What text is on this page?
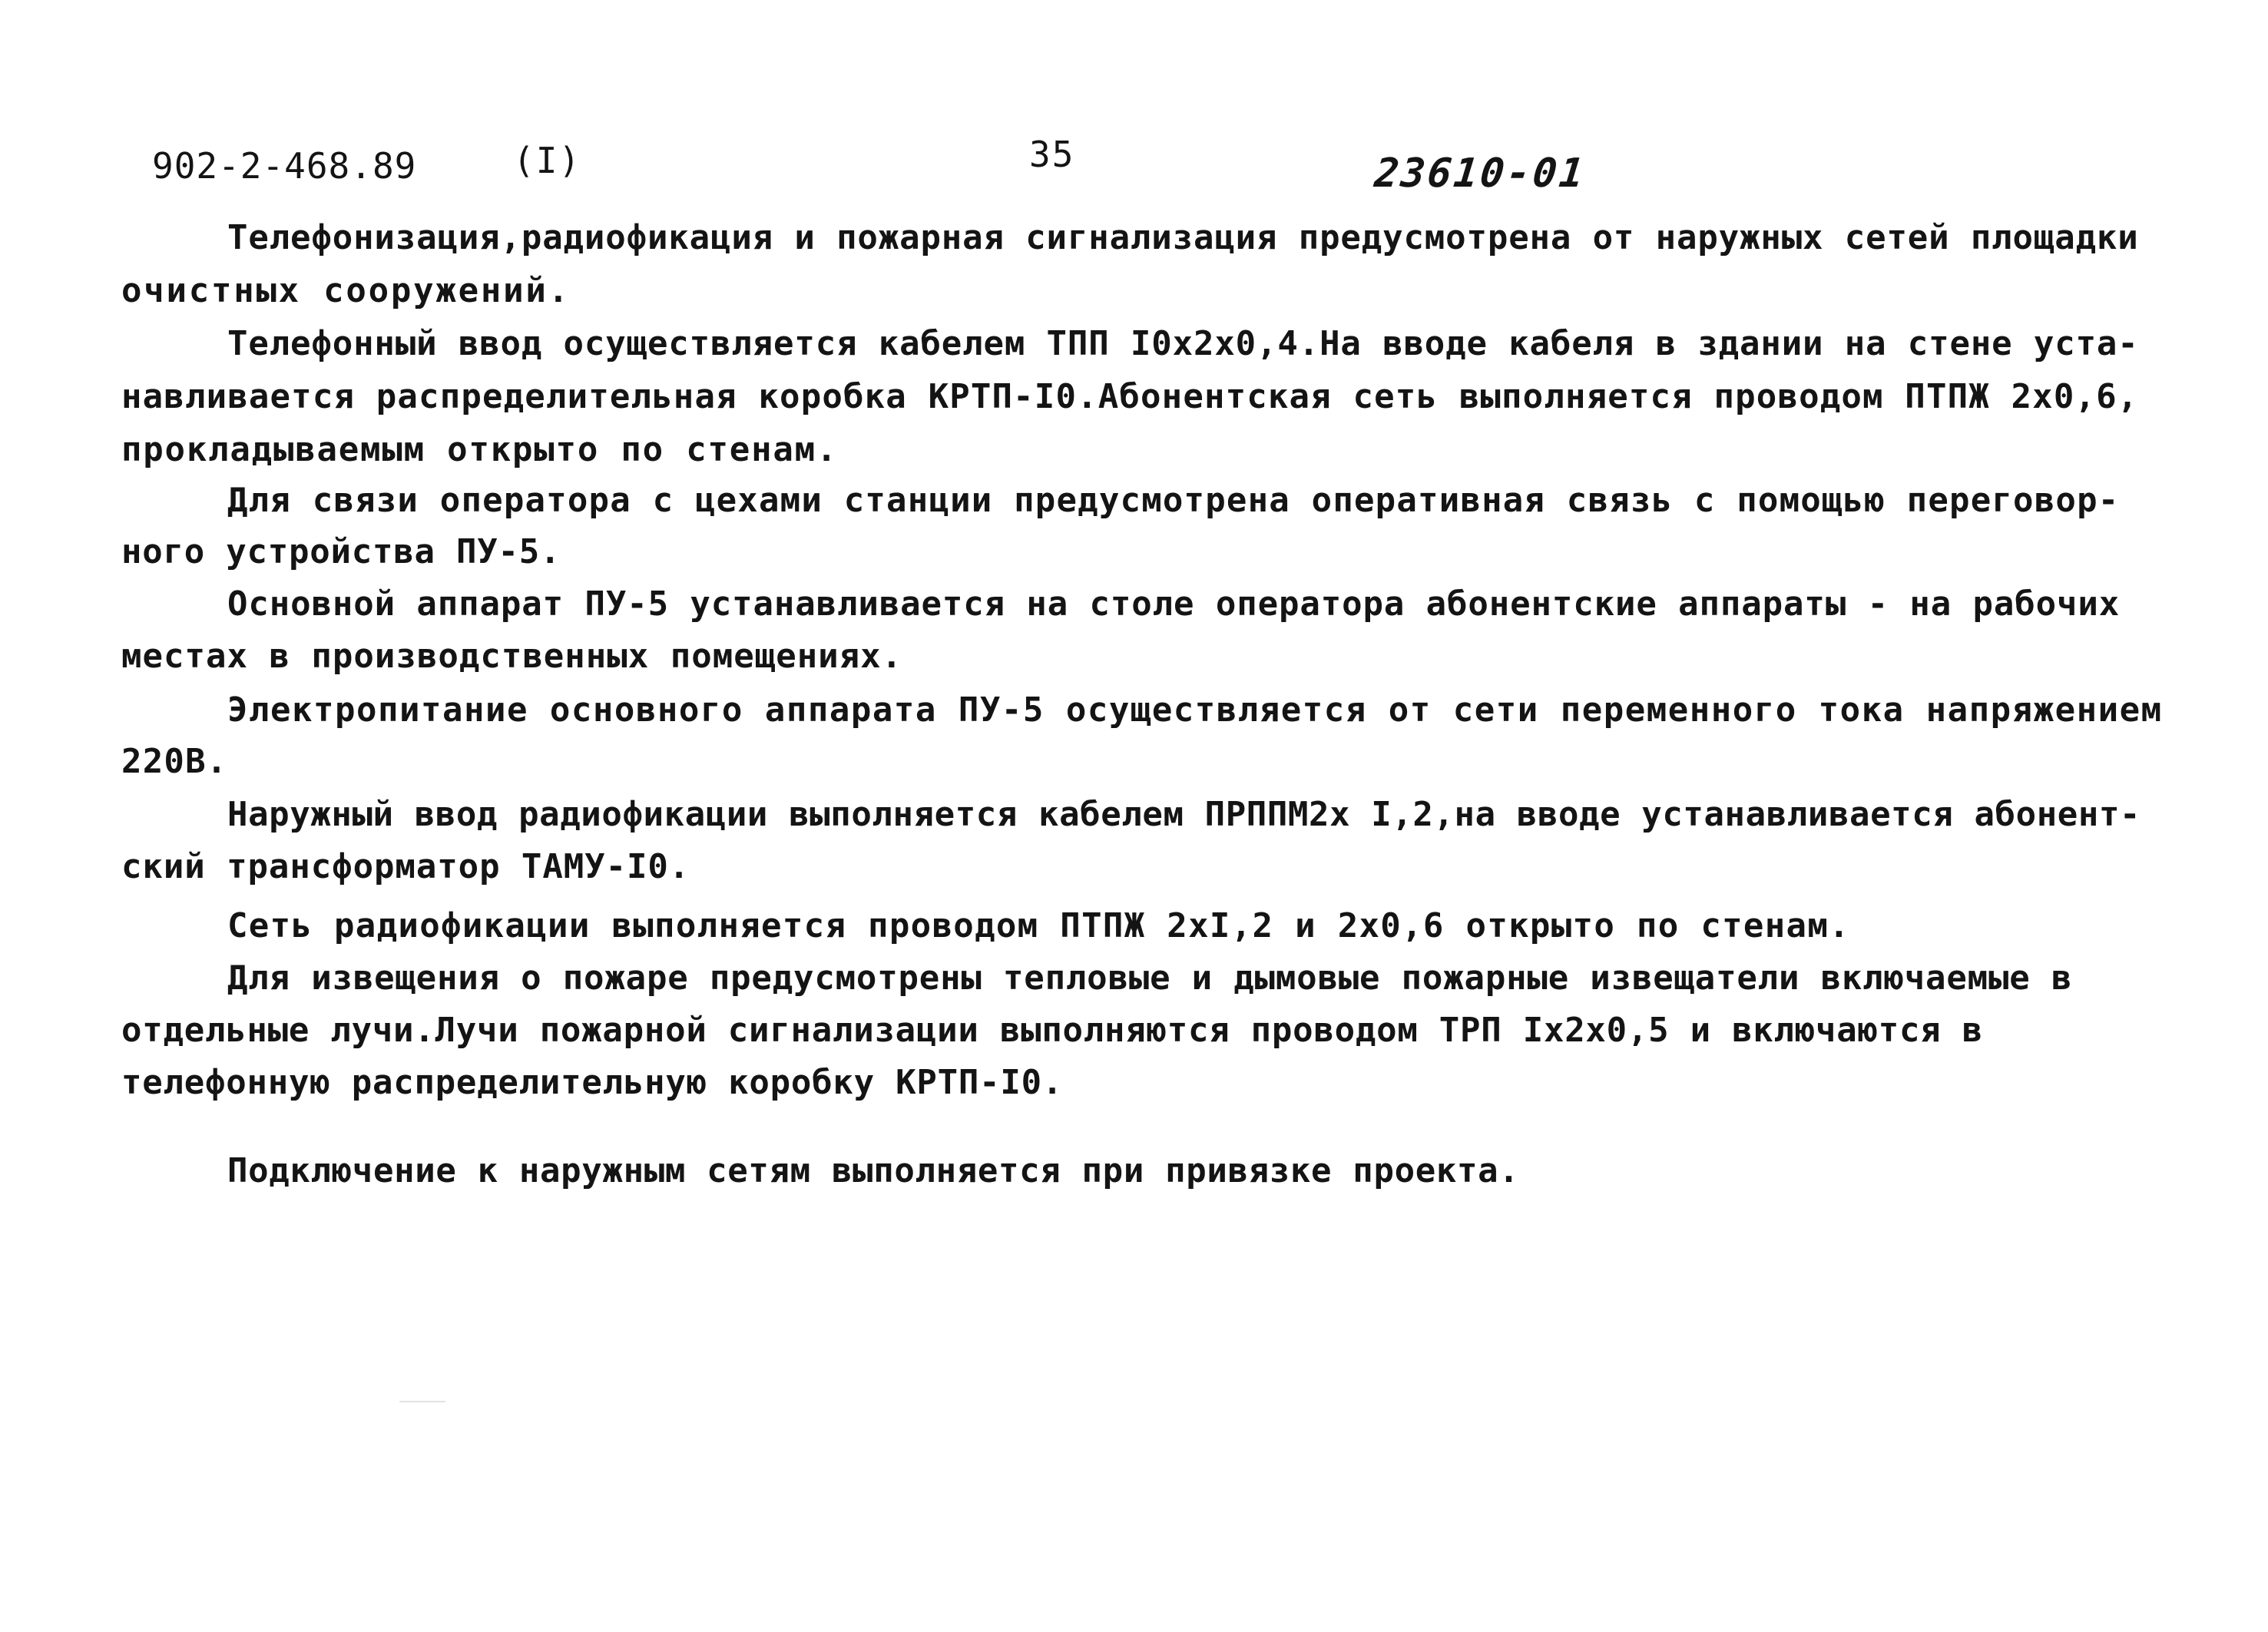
902-2-468.89	(I)	35	23610-01
Телефонизация,радиофикация и пожарная сигнализация предусмотрена от наружных сетей площадки
очистных сооружений.
Телефонный ввод осуществляется кабелем ТПП I0х2х0,4.На вводе кабеля в здании на стене уста-
навливается распределительная коробка КРТП-I0.Абонентская сеть выполняется проводом ПТПЖ 2х0,6,
прокладываемым открыто по стенам.
Для связи оператора с цехами станции предусмотрена оперативная связь с помощью переговор-
ного устройства ПУ-5.
Основной аппарат ПУ-5 устанавливается на столе оператора абонентские аппараты - на рабочих
местах в производственных помещениях.
Электропитание основного аппарата ПУ-5 осуществляется от сети переменного тока напряжением
220В.
Наружный ввод радиофикации выполняется кабелем ПРППМ2х I,2,на вводе устанавливается абонент-
ский трансформатор ТАМУ-I0.
Сеть радиофикации выполняется проводом ПТПЖ 2хI,2 и 2х0,6 открыто по стенам.
Для извещения о пожаре предусмотрены тепловые и дымовые пожарные извещатели включаемые в
отдельные лучи.Лучи пожарной сигнализации выполняются проводом ТРП Iх2х0,5 и включаются в
телефонную распределительную коробку КРТП-I0.
Подключение к наружным сетям выполняется при привязке проекта.
